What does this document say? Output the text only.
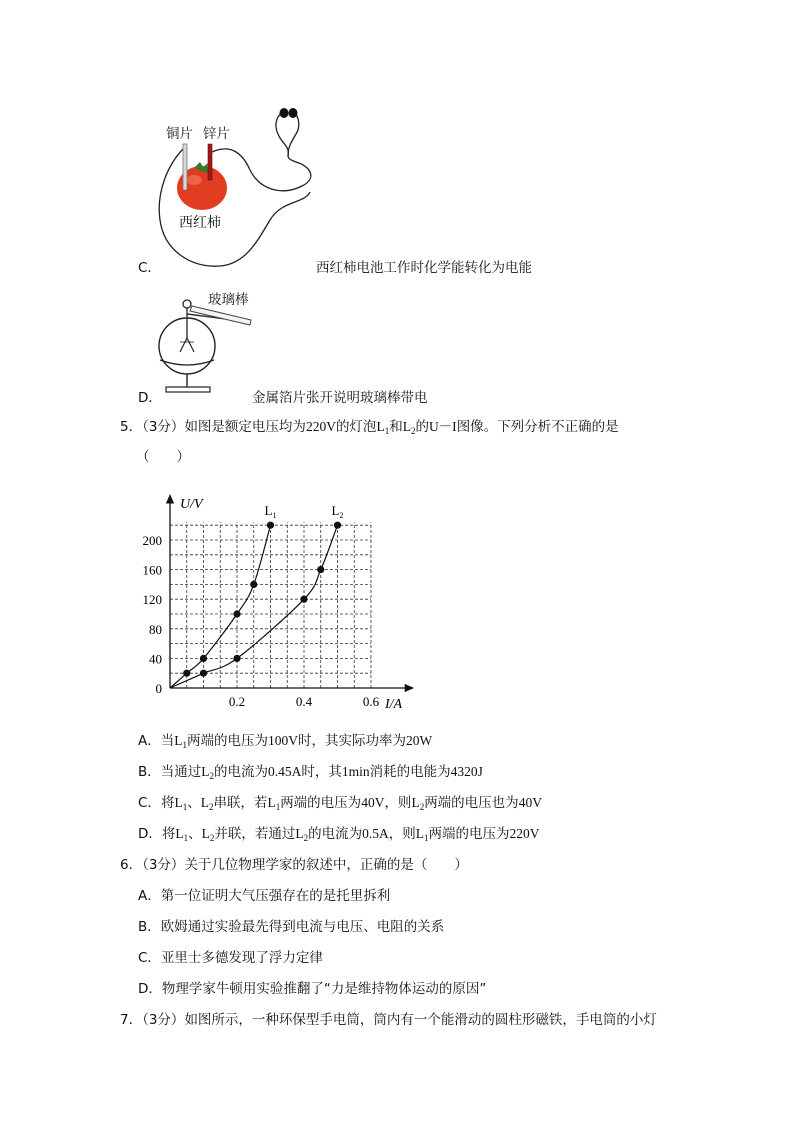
铜片 锌片
西红柿
C．	西红柿电池工作时化学能转化为电能
玻璃棒
D．	金属箔片张开说明玻璃棒带电
5．（3分）如图是额定电压均为220V的灯泡$L_1$和$L_2$的U－I图像。下列分析不正确的是
（　　）
0.2	0.4	0.6
0
40
80
120
160
200
U/V
I/A
$L_1$	$L_2$
A．当$L_1$两端的电压为100V时，其实际功率为20W
B．当通过$L_2$的电流为0.45A时，其1min消耗的电能为4320J
C．将$L_1$、$L_2$串联，若$L_1$两端的电压为40V，则$L_2$两端的电压也为40V
D．将$L_1$、$L_2$并联，若通过$L_2$的电流为0.5A，则$L_1$两端的电压为220V
6．（3分）关于几位物理学家的叙述中，正确的是（　　）
A．第一位证明大气压强存在的是托里拆利
B．欧姆通过实验最先得到电流与电压、电阻的关系
C．亚里士多德发现了浮力定律
D．物理学家牛顿用实验推翻了“力是维持物体运动的原因”
7．（3分）如图所示，一种环保型手电筒，筒内有一个能滑动的圆柱形磁铁，手电筒的小灯
